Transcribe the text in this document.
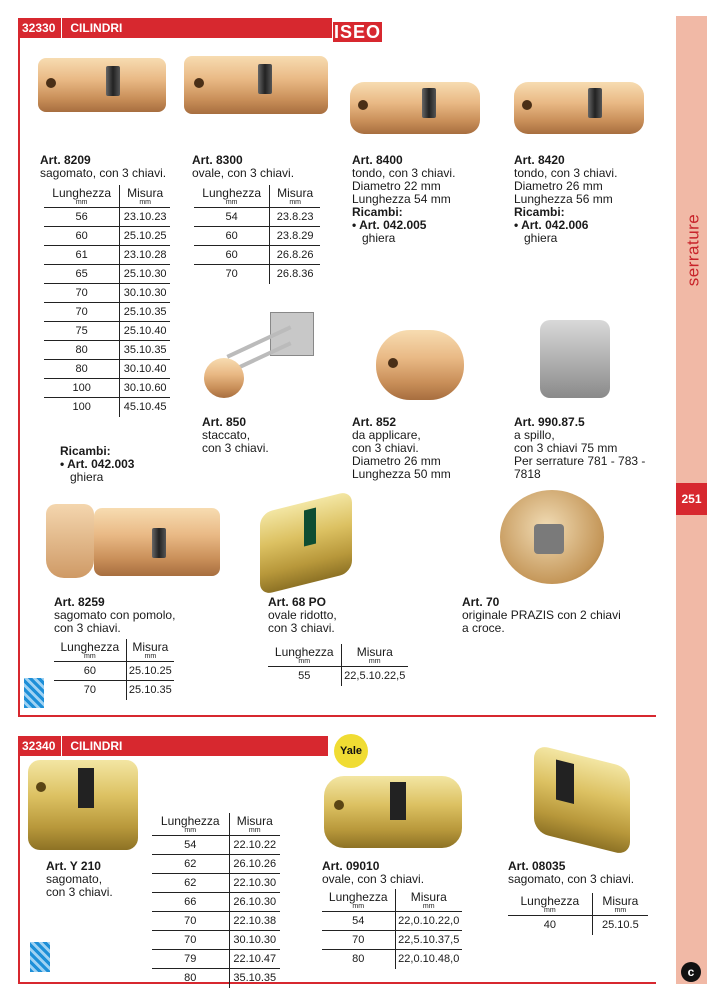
serrature
251
c
32330	CILINDRI	ISEO
Art. 8209
sagomato, con 3 chiavi.
Lunghezza
mm	Misura
mm

56	23.10.23
60	25.10.25
61	23.10.28
65	25.10.30
70	30.10.30
70	25.10.35
75	25.10.40
80	35.10.35
80	30.10.40
100	30.10.60
100	45.10.45
Ricambi:
• Art. 042.003
ghiera
Art. 8300
ovale, con 3 chiavi.
Lunghezza
mm	Misura
mm

54	23.8.23
60	23.8.29
60	26.8.26
70	26.8.36
Art. 8400
tondo, con 3 chiavi.
Diametro 22 mm
Lunghezza 54 mm
Ricambi:
• Art. 042.005
ghiera
Art. 8420
tondo, con 3 chiavi.
Diametro 26 mm
Lunghezza 56 mm
Ricambi:
• Art. 042.006
ghiera
Art. 850
staccato,
con 3 chiavi.
Art. 852
da applicare,
con 3 chiavi.
Diametro 26 mm
Lunghezza 50 mm
Art. 990.87.5
a spillo,
con 3 chiavi 75 mm
Per serrature 781 - 783 -
7818
Art. 8259
sagomato con pomolo,
con 3 chiavi.
Lunghezza
mm	Misura
mm

60	25.10.25
70	25.10.35
Art. 68 PO
ovale ridotto,
con 3 chiavi.
Lunghezza
mm	Misura
mm

55	22,5.10.22,5
Art. 70
originale PRAZIS con 2 chiavi
a croce.
32340	CILINDRI	Yale
Art. Y 210
sagomato,
con 3 chiavi.
Lunghezza
mm	Misura
mm

54	22.10.22
62	26.10.26
62	22.10.30
66	26.10.30
70	22.10.38
70	30.10.30
79	22.10.47
80	35.10.35
Art. 09010
ovale, con 3 chiavi.
Lunghezza
mm	Misura
mm

54	22,0.10.22,0
70	22,5.10.37,5
80	22,0.10.48,0
Art. 08035
sagomato, con 3 chiavi.
Lunghezza
mm	Misura
mm

40	25.10.5
